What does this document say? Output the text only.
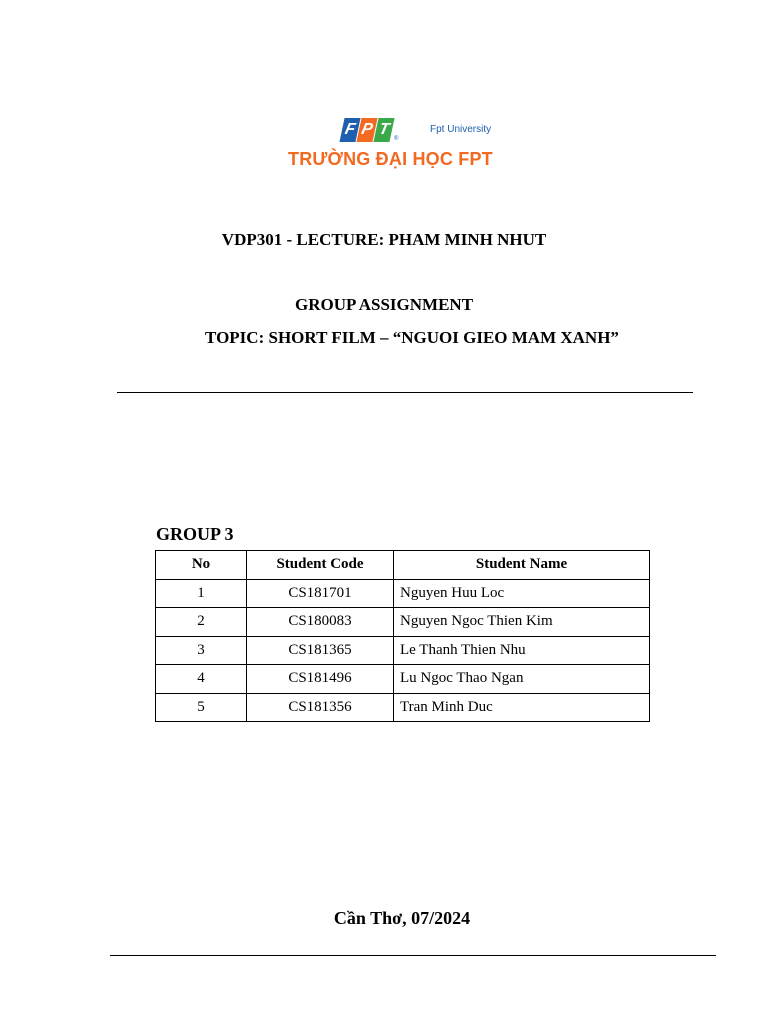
F P T
®
Fpt University
TRƯỜNG ĐẠI HỌC FPT
VDP301 - LECTURE: PHAM MINH NHUT
GROUP ASSIGNMENT
TOPIC: SHORT FILM – “NGUOI GIEO MAM XANH”
GROUP 3
No	Student Code	Student Name
1	CS181701	Nguyen Huu Loc
2	CS180083	Nguyen Ngoc Thien Kim
3	CS181365	Le Thanh Thien Nhu
4	CS181496	Lu Ngoc Thao Ngan
5	CS181356	Tran Minh Duc
Cần Thơ, 07/2024
